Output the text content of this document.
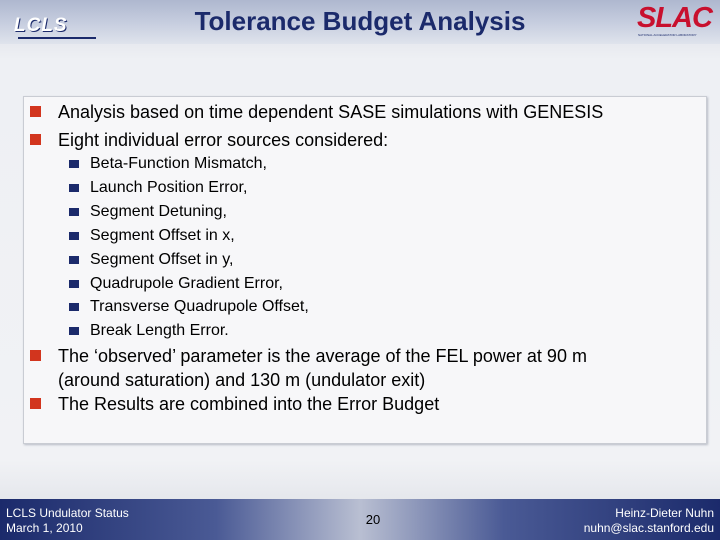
LCLS	Tolerance Budget Analysis	SLAC
NATIONAL ACCELERATOR LABORATORY
Analysis based on time dependent SASE simulations with GENESIS
Eight individual error sources considered:
Beta-Function Mismatch,
Launch Position Error,
Segment Detuning,
Segment Offset in x,
Segment Offset in y,
Quadrupole Gradient Error,
Transverse Quadrupole Offset,
Break Length Error.
The ‘observed’ parameter is the average of the FEL power at 90 m
(around saturation) and 130 m (undulator exit)
The Results are combined into the Error Budget
LCLS Undulator Status
March 1, 2010
20	Heinz-Dieter Nuhn
nuhn@slac.stanford.edu
